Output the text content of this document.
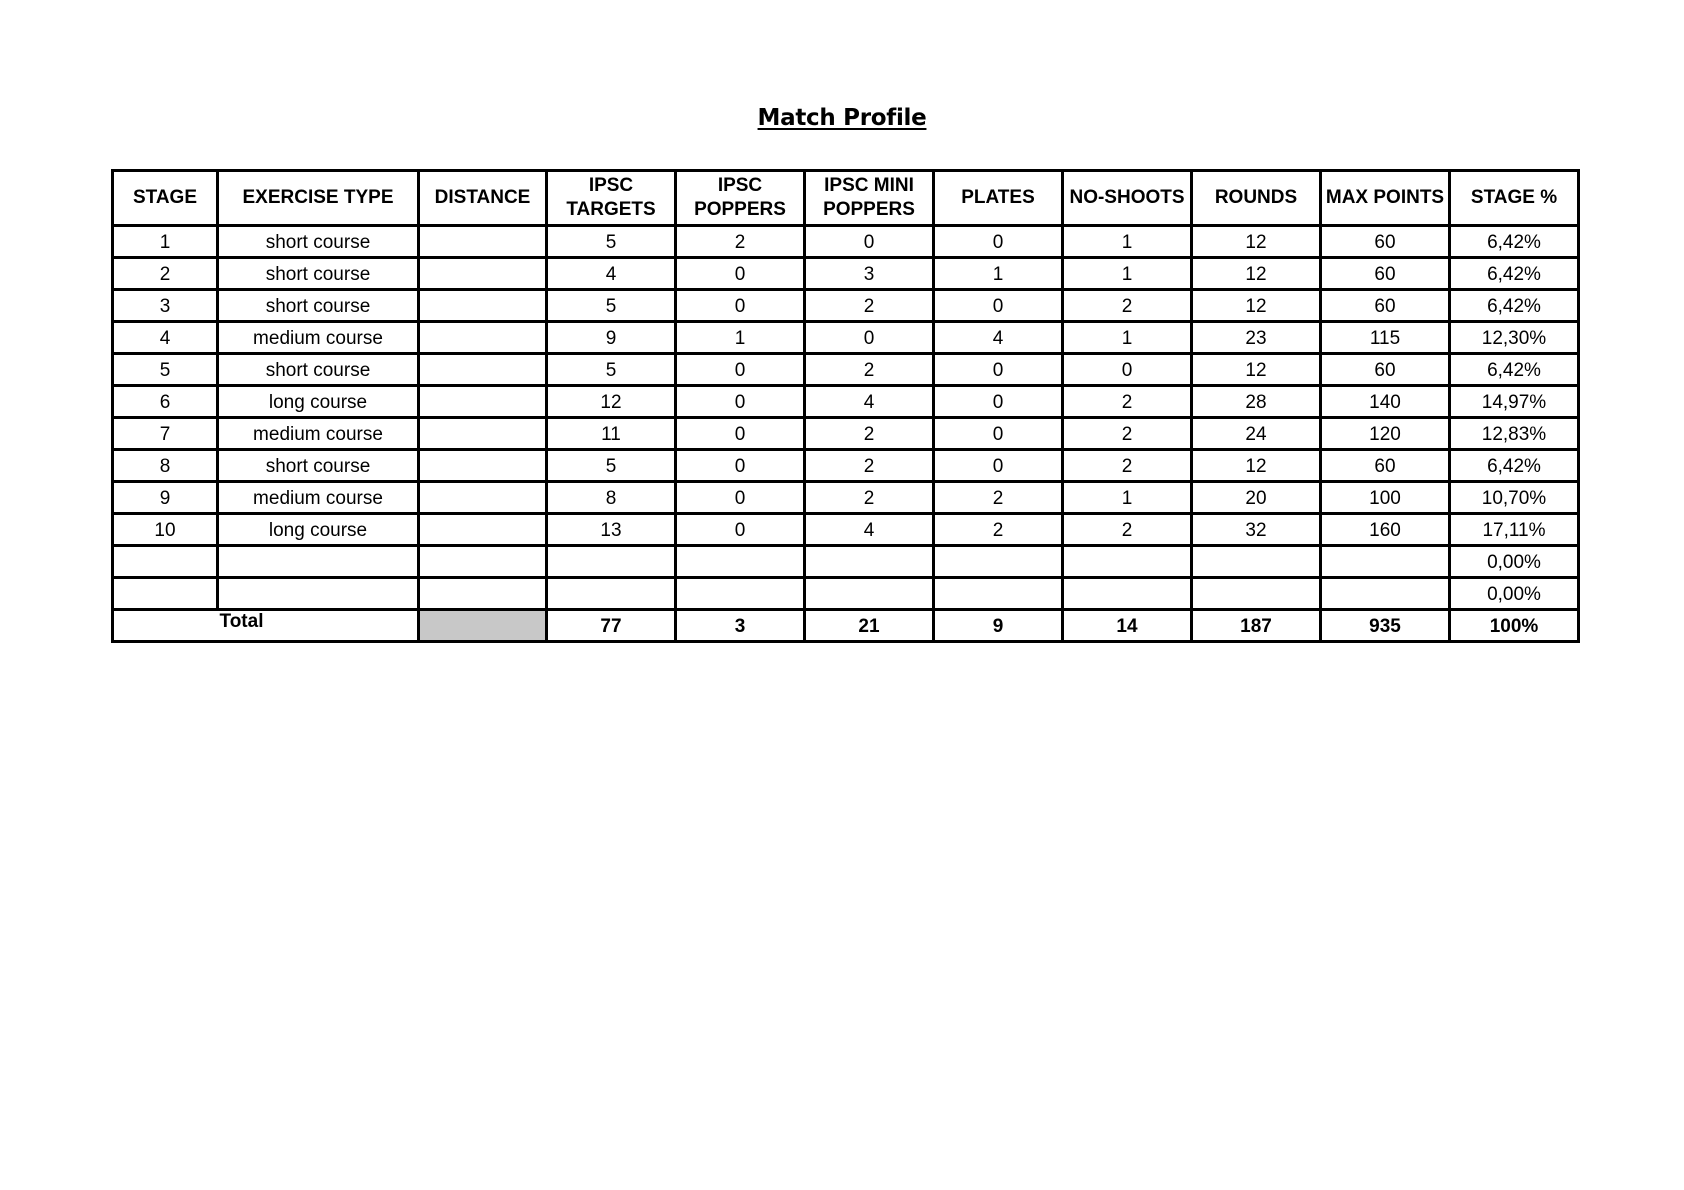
Match Profile
STAGE	EXERCISE TYPE	DISTANCE	IPSC TARGETS	IPSC POPPERS	IPSC MINI POPPERS	PLATES	NO-SHOOTS	ROUNDS	MAX POINTS	STAGE %
1	short course		5	2	0	0	1	12	60	6,42%
2	short course		4	0	3	1	1	12	60	6,42%
3	short course		5	0	2	0	2	12	60	6,42%
4	medium course		9	1	0	4	1	23	115	12,30%
5	short course		5	0	2	0	0	12	60	6,42%
6	long course		12	0	4	0	2	28	140	14,97%
7	medium course		11	0	2	0	2	24	120	12,83%
8	short course		5	0	2	0	2	12	60	6,42%
9	medium course		8	0	2	2	1	20	100	10,70%
10	long course		13	0	4	2	2	32	160	17,11%
										0,00%
										0,00%
Total			77	3	21	9	14	187	935	100%
